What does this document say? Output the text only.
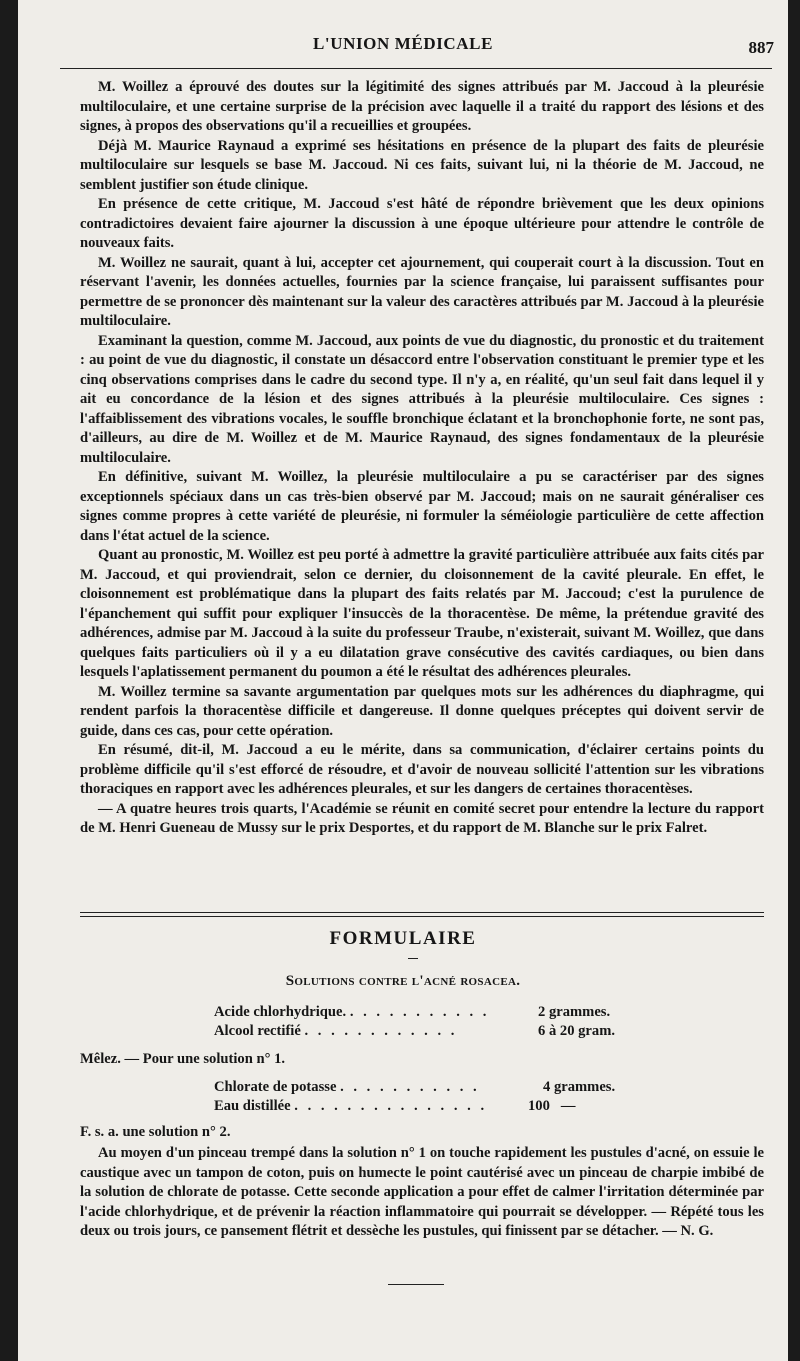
L'UNION MÉDICALE	887

M. Woillez a éprouvé des doutes sur la légitimité des signes attribués par M. Jaccoud à la pleurésie multiloculaire, et une certaine surprise de la précision avec laquelle il a traité du rapport des lésions et des signes, à propos des observations qu'il a recueillies et groupées.

Déjà M. Maurice Raynaud a exprimé ses hésitations en présence de la plupart des faits de pleurésie multiloculaire sur lesquels se base M. Jaccoud. Ni ces faits, suivant lui, ni la théorie de M. Jaccoud, ne semblent justifier son étude clinique.

En présence de cette critique, M. Jaccoud s'est hâté de répondre brièvement que les deux opinions contradictoires devaient faire ajourner la discussion à une époque ultérieure pour attendre le contrôle de nouveaux faits.

M. Woillez ne saurait, quant à lui, accepter cet ajournement, qui couperait court à la discussion. Tout en réservant l'avenir, les données actuelles, fournies par la science française, lui paraissent suffisantes pour permettre de se prononcer dès maintenant sur la valeur des caractères attribués par M. Jaccoud à la pleurésie multiloculaire.

Examinant la question, comme M. Jaccoud, aux points de vue du diagnostic, du pronostic et du traitement : au point de vue du diagnostic, il constate un désaccord entre l'observation constituant le premier type et les cinq observations comprises dans le cadre du second type. Il n'y a, en réalité, qu'un seul fait dans lequel il y ait eu concordance de la lésion et des signes attribués à la pleurésie multiloculaire. Ces signes : l'affaiblissement des vibrations vocales, le souffle bronchique éclatant et la bronchophonie forte, ne sont pas, d'ailleurs, au dire de M. Woillez et de M. Maurice Raynaud, des signes fondamentaux de la pleurésie multiloculaire.

En définitive, suivant M. Woillez, la pleurésie multiloculaire a pu se caractériser par des signes exceptionnels spéciaux dans un cas très-bien observé par M. Jaccoud; mais on ne saurait généraliser ces signes comme propres à cette variété de pleurésie, ni formuler la séméiologie particulière de cette affection dans l'état actuel de la science.

Quant au pronostic, M. Woillez est peu porté à admettre la gravité particulière attribuée aux faits cités par M. Jaccoud, et qui proviendrait, selon ce dernier, du cloisonnement de la cavité pleurale. En effet, le cloisonnement est problématique dans la plupart des faits relatés par M. Jaccoud; c'est la purulence de l'épanchement qui suffit pour expliquer l'insuccès de la thoracentèse. De même, la prétendue gravité des adhérences, admise par M. Jaccoud à la suite du professeur Traube, n'existerait, suivant M. Woillez, que dans quelques faits particuliers où il y a eu dilatation grave consécutive des cavités cardiaques, ou bien dans lesquels l'aplatissement permanent du poumon a été le résultat des adhérences pleurales.

M. Woillez termine sa savante argumentation par quelques mots sur les adhérences du diaphragme, qui rendent parfois la thoracentèse difficile et dangereuse. Il donne quelques préceptes qui doivent servir de guide, dans ces cas, pour cette opération.

En résumé, dit-il, M. Jaccoud a eu le mérite, dans sa communication, d'éclairer certains points du problème difficile qu'il s'est efforcé de résoudre, et d'avoir de nouveau sollicité l'attention sur les vibrations thoraciques en rapport avec les adhérences pleurales, et sur les dangers de certaines thoracentèses.

— A quatre heures trois quarts, l'Académie se réunit en comité secret pour entendre la lecture du rapport de M. Henri Gueneau de Mussy sur le prix Desportes, et du rapport de M. Blanche sur le prix Falret.

FORMULAIRE
Solutions contre l'acné rosacea.
Acide chlorhydrique. . . . . . . . . . . .	2 grammes.
Alcool rectifié . . . . . . . . . . . .	6 à 20 gram.
Mêlez. — Pour une solution n° 1.
Chlorate de potasse . . . . . . . . . . .	4 grammes.
Eau distillée . . . . . . . . . . . . . . .	100   —
F. s. a. une solution n° 2.

Au moyen d'un pinceau trempé dans la solution n° 1 on touche rapidement les pustules d'acné, on essuie le caustique avec un tampon de coton, puis on humecte le point cautérisé avec un pinceau de charpie imbibé de la solution de chlorate de potasse. Cette seconde application a pour effet de calmer l'irritation déterminée par l'acide chlorhydrique, et de prévenir la réaction inflammatoire qui pourrait se développer. — Répété tous les deux ou trois jours, ce pansement flétrit et dessèche les pustules, qui finissent par se détacher. — N. G.
